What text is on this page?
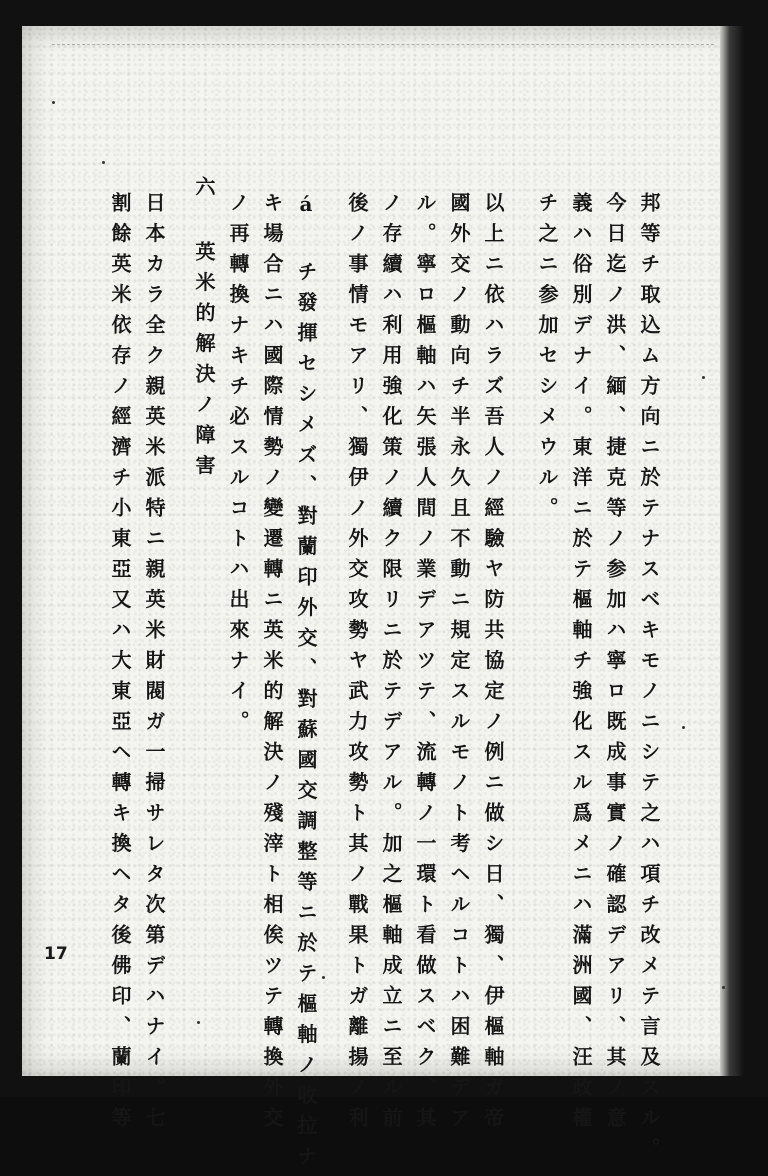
邦等チ取込ム方向ニ於テナスベキモノニシテ之ハ項チ改メテ言及スル。
今日迄ノ洪、緬、捷克等ノ参加ハ寧ロ既成事實ノ確認デアリ、其ノ意
義ハ俗別デナイ。東洋ニ於テ樞軸チ強化スル爲メニハ滿洲國、汪政權
チ之ニ参加セシメウル。
以上ニ依ハラズ吾人ノ經驗ヤ防共協定ノ例ニ做シ日、獨、伊樞軸ガ帝
國外交ノ動向チ半永久且不動ニ規定スルモノト考ヘルコトハ困難デア
ル。寧ロ樞軸ハ矢張人間ノ業デアツテ、流轉ノ一環ト看做スベク、其
ノ存續ハ利用強化策ノ續ク限リニ於テデアル。加之樞軸成立ニ至ル前
後ノ事情モアリ、獨伊ノ外交攻勢ヤ武力攻勢ト其ノ戰果トガ離揚ノ利
á チ發揮セシメズ、對蘭印外交、對蘇國交調整等ニ於テ樞軸ノ收拉ナ
キ場合ニハ國際情勢ノ變遷轉ニ英米的解決ノ殘滓ト相俟ツテ轉換外交
ノ再轉換ナキチ必スルコトハ出來ナイ。
六 英米的解決ノ障害
日本カラ全ク親英米派特ニ親英米財閥ガ一掃サレタ次第デハナイ。七
割餘英米依存ノ經濟チ小東亞又ハ大東亞ヘ轉キ換ヘタ後佛印、蘭印等
17
